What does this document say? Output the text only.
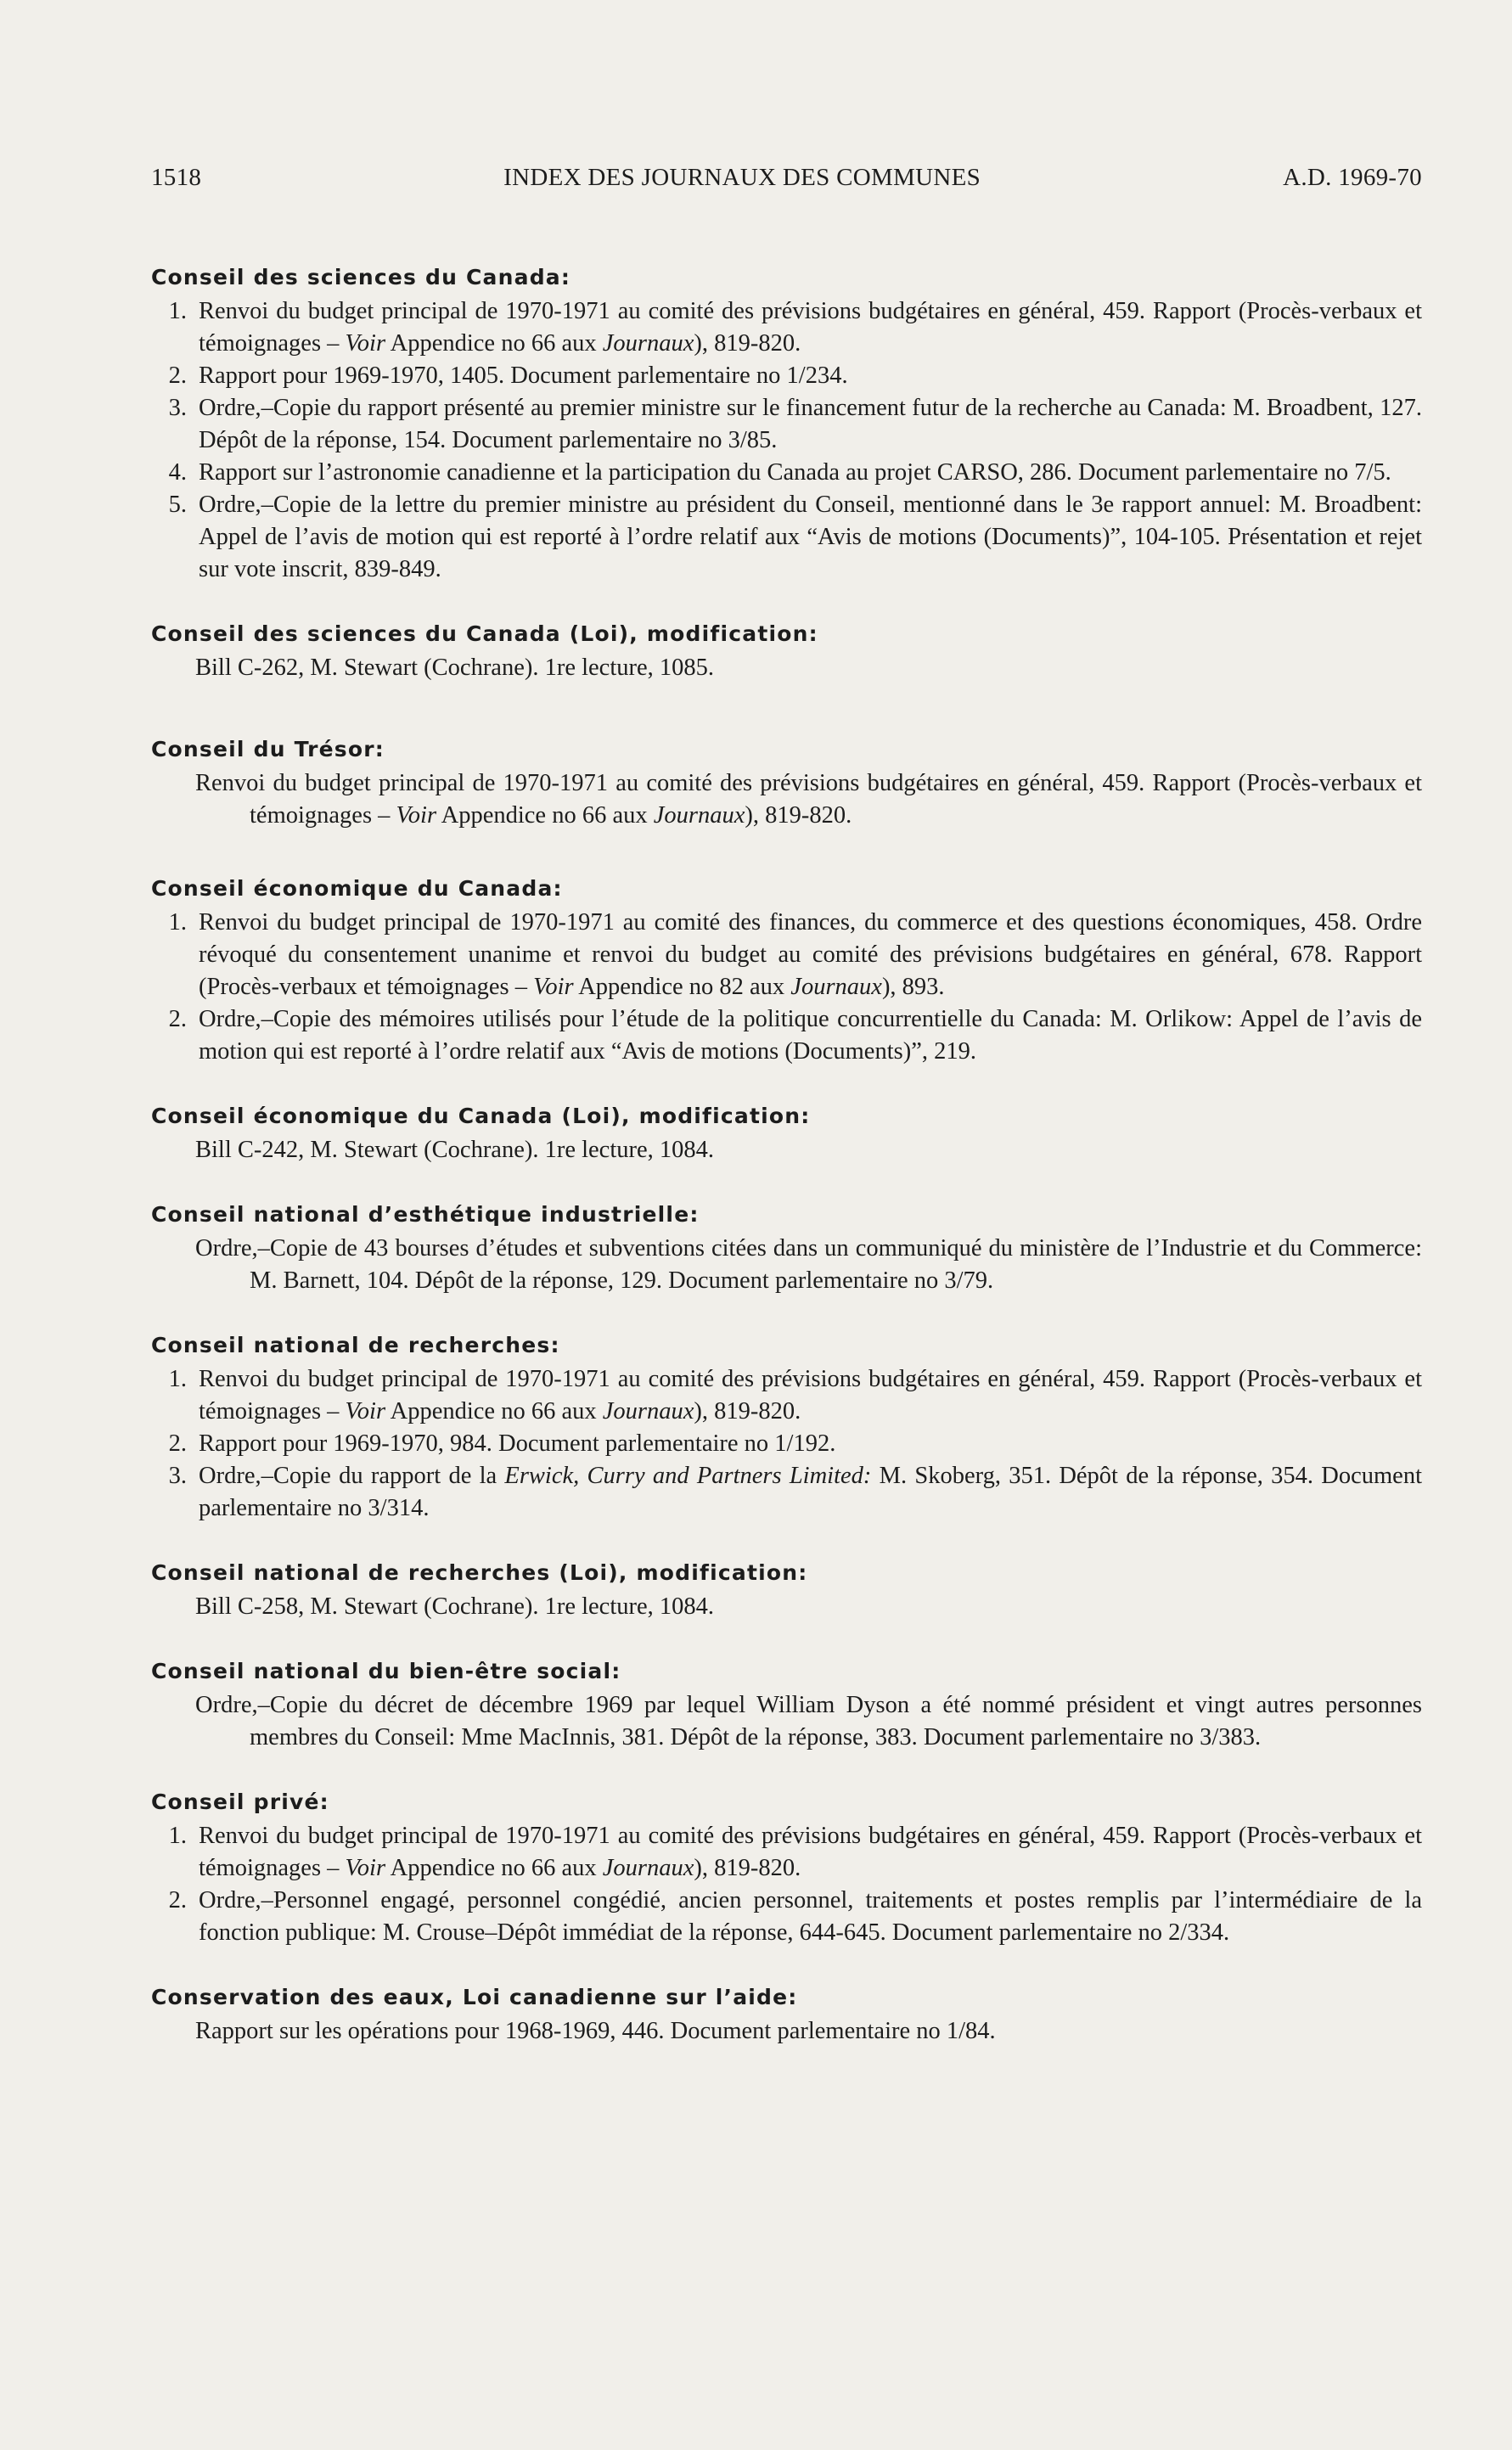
1518	INDEX DES JOURNAUX DES COMMUNES	A.D. 1969-70
Conseil des sciences du Canada:
1. Renvoi du budget principal de 1970-1971 au comité des prévisions budgétaires en général, 459. Rapport (Procès-verbaux et témoignages – Voir Appendice no 66 aux Journaux), 819-820.
2. Rapport pour 1969-1970, 1405. Document parlementaire no 1/234.
3. Ordre,–Copie du rapport présenté au premier ministre sur le financement futur de la recherche au Canada: M. Broadbent, 127. Dépôt de la réponse, 154. Document parlementaire no 3/85.
4. Rapport sur l’astronomie canadienne et la participation du Canada au projet CARSO, 286. Document parlementaire no 7/5.
5. Ordre,–Copie de la lettre du premier ministre au président du Conseil, mentionné dans le 3e rapport annuel: M. Broadbent: Appel de l’avis de motion qui est reporté à l’ordre relatif aux “Avis de motions (Documents)”, 104-105. Présentation et rejet sur vote inscrit, 839-849.
Conseil des sciences du Canada (Loi), modification:
Bill C-262, M. Stewart (Cochrane). 1re lecture, 1085.
Conseil du Trésor:
Renvoi du budget principal de 1970-1971 au comité des prévisions budgétaires en général, 459. Rapport (Procès-verbaux et témoignages – Voir Appendice no 66 aux Journaux), 819-820.
Conseil économique du Canada:
1. Renvoi du budget principal de 1970-1971 au comité des finances, du commerce et des questions économiques, 458. Ordre révoqué du consentement unanime et renvoi du budget au comité des prévisions budgétaires en général, 678. Rapport (Procès-verbaux et témoignages – Voir Appendice no 82 aux Journaux), 893.
2. Ordre,–Copie des mémoires utilisés pour l’étude de la politique concurrentielle du Canada: M. Orlikow: Appel de l’avis de motion qui est reporté à l’ordre relatif aux “Avis de motions (Documents)”, 219.
Conseil économique du Canada (Loi), modification:
Bill C-242, M. Stewart (Cochrane). 1re lecture, 1084.
Conseil national d’esthétique industrielle:
Ordre,–Copie de 43 bourses d’études et subventions citées dans un communiqué du ministère de l’Industrie et du Commerce: M. Barnett, 104. Dépôt de la réponse, 129. Document parlementaire no 3/79.
Conseil national de recherches:
1. Renvoi du budget principal de 1970-1971 au comité des prévisions budgétaires en général, 459. Rapport (Procès-verbaux et témoignages – Voir Appendice no 66 aux Journaux), 819-820.
2. Rapport pour 1969-1970, 984. Document parlementaire no 1/192.
3. Ordre,–Copie du rapport de la Erwick, Curry and Partners Limited: M. Skoberg, 351. Dépôt de la réponse, 354. Document parlementaire no 3/314.
Conseil national de recherches (Loi), modification:
Bill C-258, M. Stewart (Cochrane). 1re lecture, 1084.
Conseil national du bien-être social:
Ordre,–Copie du décret de décembre 1969 par lequel William Dyson a été nommé président et vingt autres personnes membres du Conseil: Mme MacInnis, 381. Dépôt de la réponse, 383. Document parlementaire no 3/383.
Conseil privé:
1. Renvoi du budget principal de 1970-1971 au comité des prévisions budgétaires en général, 459. Rapport (Procès-verbaux et témoignages – Voir Appendice no 66 aux Journaux), 819-820.
2. Ordre,–Personnel engagé, personnel congédié, ancien personnel, traitements et postes remplis par l’intermédiaire de la fonction publique: M. Crouse–Dépôt immédiat de la réponse, 644-645. Document parlementaire no 2/334.
Conservation des eaux, Loi canadienne sur l’aide:
Rapport sur les opérations pour 1968-1969, 446. Document parlementaire no 1/84.
